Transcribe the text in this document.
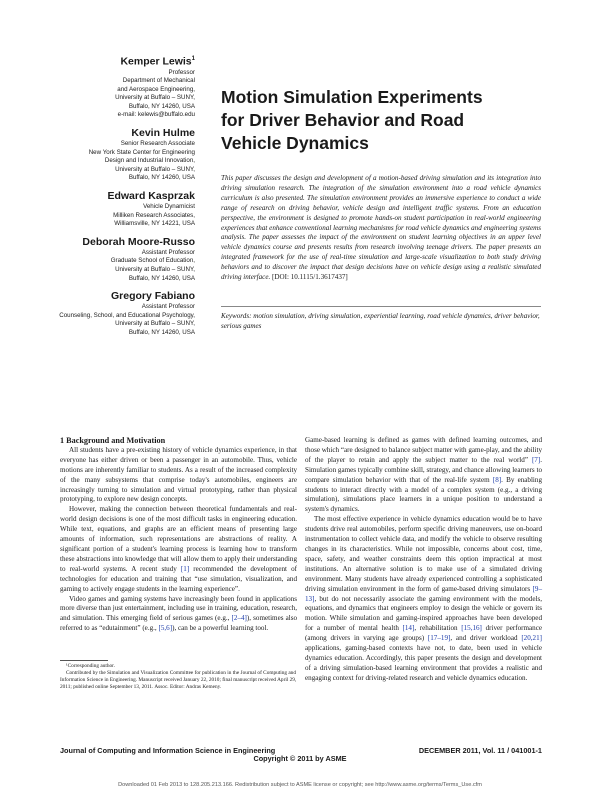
Kemper Lewis$^1$
Professor
Department of Mechanical
and Aerospace Engineering,
University at Buffalo – SUNY,
Buffalo, NY 14260, USA
e-mail: kelewis@buffalo.edu
Kevin Hulme
Senior Research Associate
New York State Center for Engineering
Design and Industrial Innovation,
University at Buffalo – SUNY,
Buffalo, NY 14260, USA
Edward Kasprzak
Vehicle Dynamicist
Milliken Research Associates,
Williamsville, NY 14221, USA
Deborah Moore-Russo
Assistant Professor
Graduate School of Education,
University at Buffalo – SUNY,
Buffalo, NY 14260, USA
Gregory Fabiano
Assistant Professor
Counseling, School, and Educational Psychology,
University at Buffalo – SUNY,
Buffalo, NY 14260, USA
Motion Simulation Experiments
for Driver Behavior and Road
Vehicle Dynamics
This paper discusses the design and development of a motion-based driving simulation and its integration into driving simulation research. The integration of the simulation environment into a road vehicle dynamics curriculum is also presented. The simulation environment provides an immersive experience to conduct a wide range of research on driving behavior, vehicle design and intelligent traffic systems. From an education perspective, the environment is designed to promote hands-on student participation in real-world engineering experiences that enhance conventional learning mechanisms for road vehicle dynamics and engineering systems analysis. The paper assesses the impact of the environment on student learning objectives in an upper level vehicle dynamics course and presents results from research involving teenage drivers. The paper presents an integrated framework for the use of real-time simulation and large-scale visualization to both study driving behaviors and to discover the impact that design decisions have on vehicle design using a realistic simulated driving interface. [DOI: 10.1115/1.3617437]
Keywords: motion simulation, driving simulation, experiential learning, road vehicle dynamics, driver behavior, serious games

1 Background and Motivation

All students have a pre-existing history of vehicle dynamics experience, in that everyone has either driven or been a passenger in an automobile. Thus, vehicle motions are inherently familiar to students. As a result of the increased complexity of the many subsystems that comprise today's automobiles, engineers are increasingly turning to simulation and virtual prototyping, rather than physical prototyping, to explore new design concepts.

However, making the connection between theoretical fundamentals and real-world design decisions is one of the most difficult tasks in engineering education. While text, equations, and graphs are an efficient means of presenting large amounts of information, such representations are abstractions of reality. A significant portion of a student's learning process is learning how to transform these abstractions into knowledge that will allow them to apply their understanding to real-world systems. A recent study [1] recommended the development of technologies for education and training that “use simulation, visualization, and gaming to actively engage students in the learning experience”.

Video games and gaming systems have increasingly been found in applications more diverse than just entertainment, including use in training, education, research, and simulation. This emerging field of serious games (e.g., [2–4]), sometimes also referred to as “edutainment” (e.g., [5,6]), can be a powerful learning tool.

Game-based learning is defined as games with defined learning outcomes, and those which “are designed to balance subject matter with game-play, and the ability of the player to retain and apply the subject matter to the real world” [7]. Simulation games typically combine skill, strategy, and chance allowing learners to compare simulation behavior with that of the real-life system [8]. By enabling students to interact directly with a model of a complex system (e.g., a driving simulation), simulations place learners in a unique position to understand a system's dynamics.

The most effective experience in vehicle dynamics education would be to have students drive real automobiles, perform specific driving maneuvers, use on-board instrumentation to collect vehicle data, and modify the vehicle to observe resulting changes in its characteristics. While not impossible, concerns about cost, time, space, safety, and weather constraints deem this option impractical at most institutions. An alternative solution is to make use of a simulated driving environment. Many students have already experienced controlling a sophisticated driving simulation environment in the form of game-based driving simulators [9–13], but do not necessarily associate the gaming environment with the models, equations, and dynamics that engineers employ to design the vehicle or govern its motion. While simulation and gaming-inspired approaches have been developed for a number of mental health [14], rehabilitation [15,16] driver performance (among drivers in varying age groups) [17–19], and driver workload [20,21] applications, gaming-based contexts have not, to date, been used in vehicle dynamics education. Accordingly, this paper presents the design and development of a driving simulation-based learning environment that provides a realistic and engaging context for driving-related research and vehicle dynamics education.

¹Corresponding author.

Contributed by the Simulation and Visualization Committee for publication in the Journal of Computing and Information Science in Engineering. Manuscript received January 22, 2010; final manuscript received April 29, 2011; published online September 13, 2011. Assoc. Editor: Andras Kemeny.

Journal of Computing and Information Science in Engineering	DECEMBER 2011, Vol. 11 / 041001-1
Copyright © 2011 by ASME
Downloaded 01 Feb 2013 to 128.205.213.166. Redistribution subject to ASME license or copyright; see http://www.asme.org/terms/Terms_Use.cfm
